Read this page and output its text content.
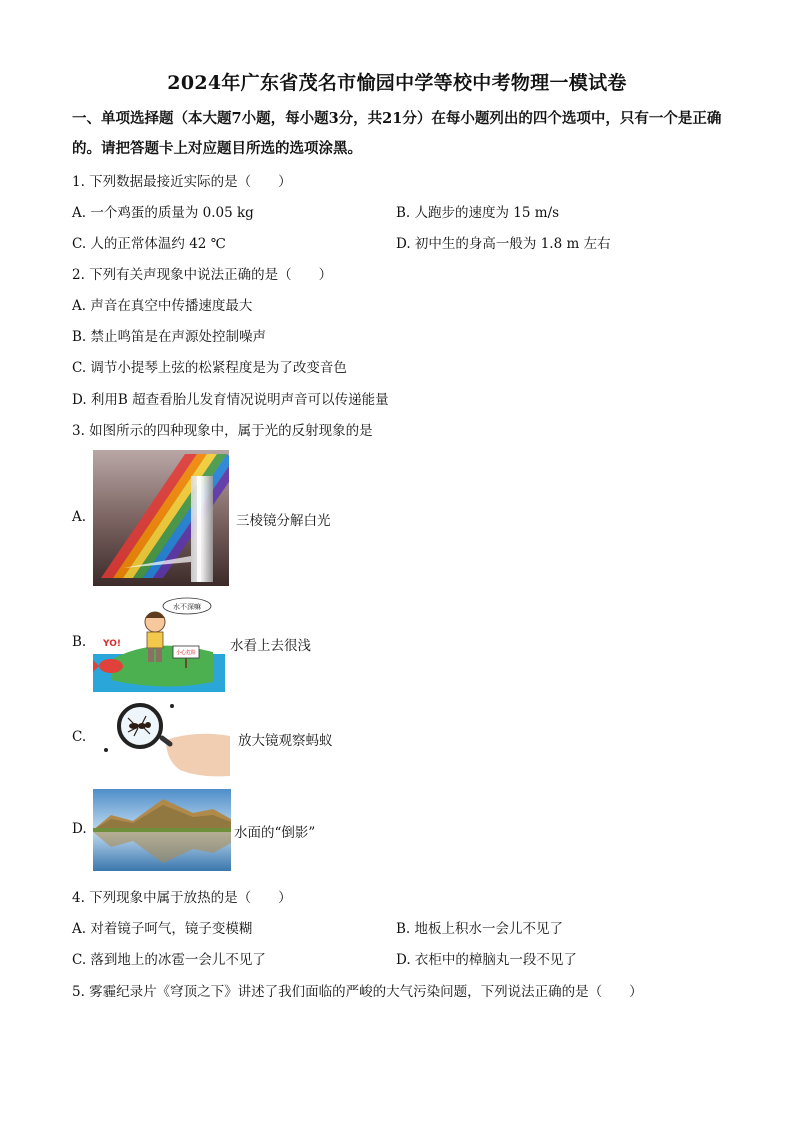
2024年广东省茂名市愉园中学等校中考物理一模试卷
一、单项选择题（本大题7小题，每小题3分，共21分）在每小题列出的四个选项中，只有一个是正确的。请把答题卡上对应题目所选的选项涂黑。
1. 下列数据最接近实际的是（　　）
A. 一个鸡蛋的质量为 0.05 kg	B. 人跑步的速度为 15 m/s
C. 人的正常体温约 42 ℃	D. 初中生的身高一般为 1.8 m 左右
2. 下列有关声现象中说法正确的是（　　）
A. 声音在真空中传播速度最大
B. 禁止鸣笛是在声源处控制噪声
C. 调节小提琴上弦的松紧程度是为了改变音色
D. 利用B 超查看胎儿发育情况说明声音可以传递能量
3. 如图所示的四种现象中，属于光的反射现象的是
A.	三棱镜分解白光
B.
水不深嘛
小心危险
YO!	水看上去很浅
C.	放大镜观察蚂蚁
D.	水面的“倒影”
4. 下列现象中属于放热的是（　　）
A. 对着镜子呵气，镜子变模糊	B. 地板上积水一会儿不见了
C. 落到地上的冰雹一会儿不见了	D. 衣柜中的樟脑丸一段不见了
5. 雾霾纪录片《穹顶之下》讲述了我们面临的严峻的大气污染问题，下列说法正确的是（　　）
